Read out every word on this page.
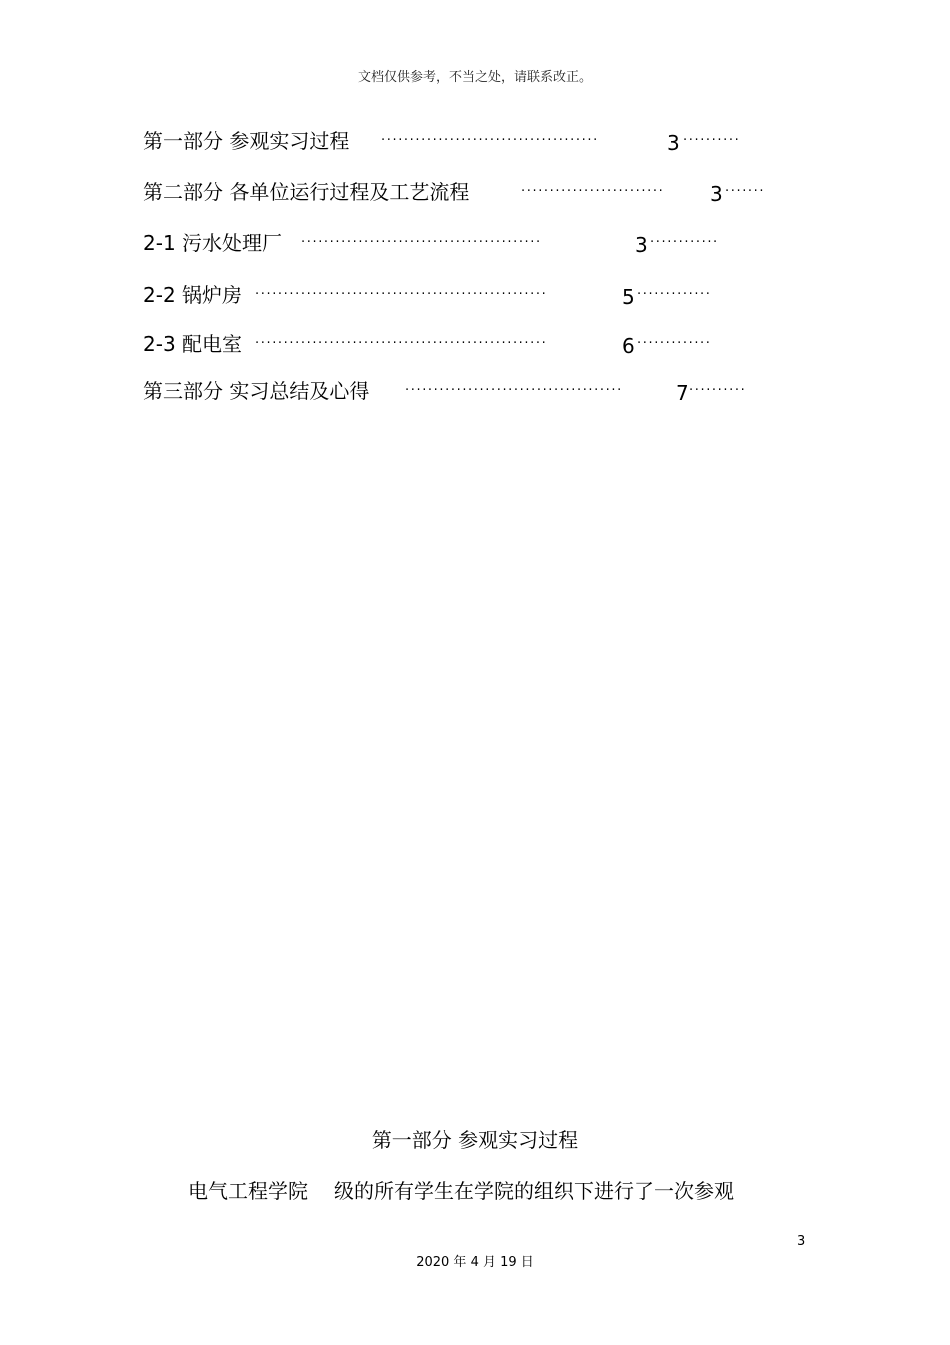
文档仅供参考，不当之处，请联系改正。
第一部分 参观实习过程 ······································	3 ··········
第二部分 各单位运行过程及工艺流程	·························	3 ·······
2-1 污水处理厂 ··········································	3 ············
2-2 锅炉房 ···················································	5 ·············
2-3 配电室 ···················································	6 ·············
第三部分 实习总结及心得	······································	7 ··········
第一部分 参观实习过程
电气工程学院 级的所有学生在学院的组织下进行了一次参观
3
2020 年 4 月 19 日
